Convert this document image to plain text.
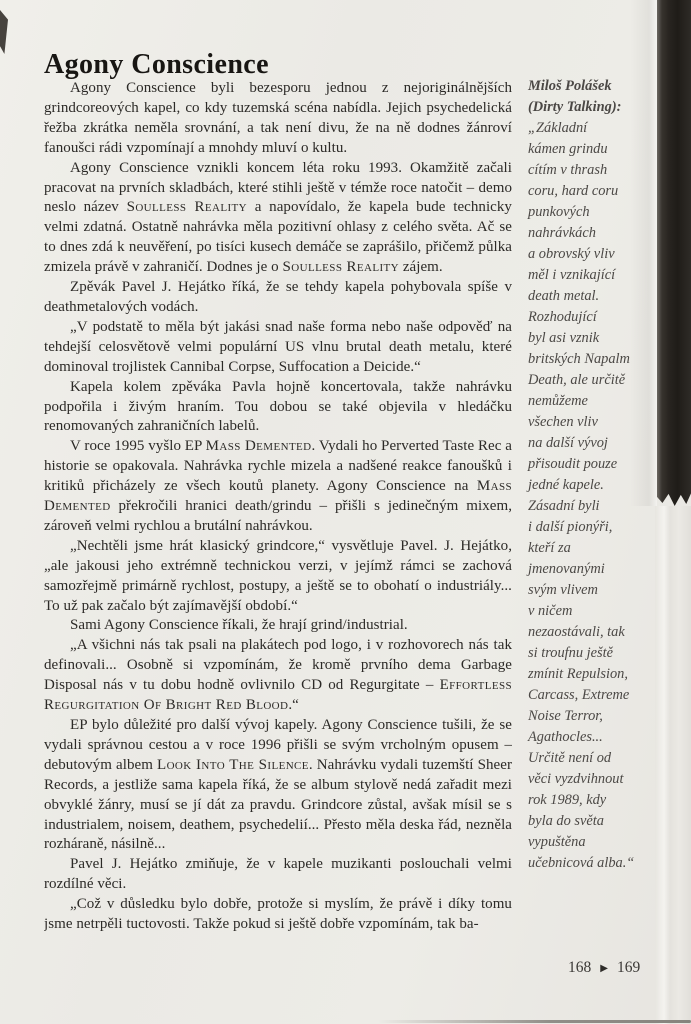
Agony Conscience

Agony Conscience byli bezesporu jednou z nejoriginálnějších grindcoreových kapel, co kdy tuzemská scéna nabídla. Jejich psychedelická řežba zkrátka neměla srovnání, a tak není divu, že na ně dodnes žánroví fanoušci rádi vzpomínají a mnohdy mluví o kultu.

Agony Conscience vznikli koncem léta roku 1993. Okamžitě začali pracovat na prvních skladbách, které stihli ještě v témže roce natočit – demo neslo název Soulless Reality a napovídalo, že kapela bude technicky velmi zdatná. Ostatně nahrávka měla pozitivní ohlasy z celého světa. Ač se to dnes zdá k neuvěření, po tisíci kusech demáče se zaprášilo, přičemž půlka zmizela právě v zahraničí. Dodnes je o Soulless Reality zájem.

Zpěvák Pavel J. Hejátko říká, že se tehdy kapela pohybovala spíše v deathmetalových vodách.

„V podstatě to měla být jakási snad naše forma nebo naše odpověď na tehdejší celosvětově velmi populární US vlnu brutal death metalu, které dominoval trojlistek Cannibal Corpse, Suffocation a Deicide.“

Kapela kolem zpěváka Pavla hojně koncertovala, takže nahrávku podpořila i živým hraním. Tou dobou se také objevila v hledáčku renomovaných zahraničních labelů.

V roce 1995 vyšlo EP Mass Demented. Vydali ho Perverted Taste Rec a historie se opakovala. Nahrávka rychle mizela a nadšené reakce fanoušků i kritiků přicházely ze všech koutů planety. Agony Conscience na Mass Demented překročili hranici death/grindu – přišli s jedinečným mixem, zároveň velmi rychlou a brutální nahrávkou.

„Nechtěli jsme hrát klasický grindcore,“ vysvětluje Pavel. J. Hejátko, „ale jakousi jeho extrémně technickou verzi, v jejímž rámci se zachová samozřejmě primárně rychlost, postupy, a ještě se to obohatí o industriály... To už pak začalo být zajímavější období.“

Sami Agony Conscience říkali, že hrají grind/industrial.

„A všichni nás tak psali na plakátech pod logo, i v rozhovorech nás tak definovali... Osobně si vzpomínám, že kromě prvního dema Garbage Disposal nás v tu dobu hodně ovlivnilo CD od Regurgitate – Effortless Regurgitation Of Bright Red Blood.“

EP bylo důležité pro další vývoj kapely. Agony Conscience tušili, že se vydali správnou cestou a v roce 1996 přišli se svým vrcholným opusem – debutovým albem Look Into The Silence. Nahrávku vydali tuzemští Sheer Records, a jestliže sama kapela říká, že se album stylově nedá zařadit mezi obvyklé žánry, musí se jí dát za pravdu. Grindcore zůstal, avšak mísil se s industrialem, noisem, deathem, psychedelií... Přesto měla deska řád, nezněla rozháraně, násilně...

Pavel J. Hejátko zmiňuje, že v kapele muzikanti poslouchali velmi rozdílné věci.

„Což v důsledku bylo dobře, protože si myslím, že právě i díky tomu jsme netrpěli tuctovosti. Takže pokud si ještě dobře vzpomínám, tak ba-

Miloš Polášek
(Dirty Talking):
„Základní
kámen grindu
cítím v thrash
coru, hard coru
punkových
nahrávkách
a obrovský vliv
měl i vznikající
death metal.
Rozhodující
byl asi vznik
britských Napalm
Death, ale určitě
nemůžeme
všechen vliv
na další vývoj
přisoudit pouze
jedné kapele.
Zásadní byli
i další pionýři,
kteří za
jmenovanými
svým vlivem
v ničem
nezaostávali, tak
si troufnu ještě
zmínit Repulsion,
Carcass, Extreme
Noise Terror,
Agathocles...
Určitě není od
věci vyzdvihnout
rok 1989, kdy
byla do světa
vypuštěna
učebnicová alba.“
168 ▶ 169
